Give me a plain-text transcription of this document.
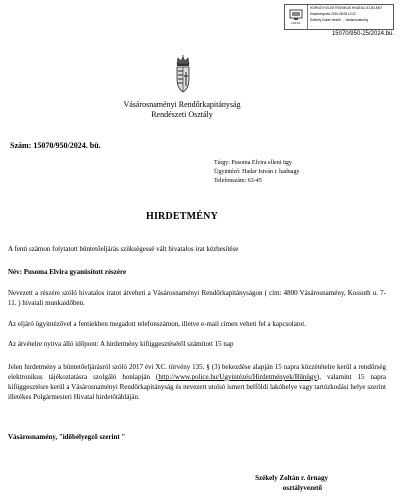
NOVA
HORVÁTH ÉLEKTRONIKUS HIVATALI ÁTJELENT
Kiadmányozta 2024.08.08 12:22
Székely Zoltán rendőr ... Vasárosnamény
...
15070/950-25/2024.bü.
Vásárosnaményi Rendőrkapitányság
Rendészeti Osztály
Szám: 15070/950/2024. bü.
Tárgy: Pusoma Elvira elleni ügy
Ügyintéző: Hadar István r. hadnagy
Telefonszám: 63-45
HIRDETMÉNY
A fenti számon folytatott büntetőeljárás szükségessé vált hivatalos irat kézbesítése
Név: Pusoma Elvira gyanúsított részére
Nevezett a részére szóló hivatalos iratot átveheti a Vásárosnaményi Rendőrkapitányságon ( cím: 4800 Vásárosnamény, Kossuth u. 7-11. ) hivatali munkaidőben.
Az eljáró ügyintézővel a fentiekben megadott telefonszámon, illetve e-mail címen veheti fel a kapcsolatot.
Az átvételre nyitva álló időpont: A hirdetmény kifüggesztésétől számított 15 nap
Jelen hirdetmény a büntetőeljárásról szóló 2017 évi XC. törvény 135. § (3) bekezdése alapján 15 napra közzétételre kerül a rendőrség elektronikus tájékoztatásra szolgáló honlapján (http://www.police.hu/Ugyintézés/Hirdetmények/Bűnügy), valamint 15 napra kifüggesztésre kerül a Vásárosnaményi Rendőrkapitányság és nevezett utolsó ismert belföldi lakóhelye vagy tartózkodási helye szerint illetékes Polgármesteri Hivatal hirdetőtábláján.
Vásárosnamény, "időbélyegző szerint "
Székely Zoltán r. őrnagy
osztályvezető
